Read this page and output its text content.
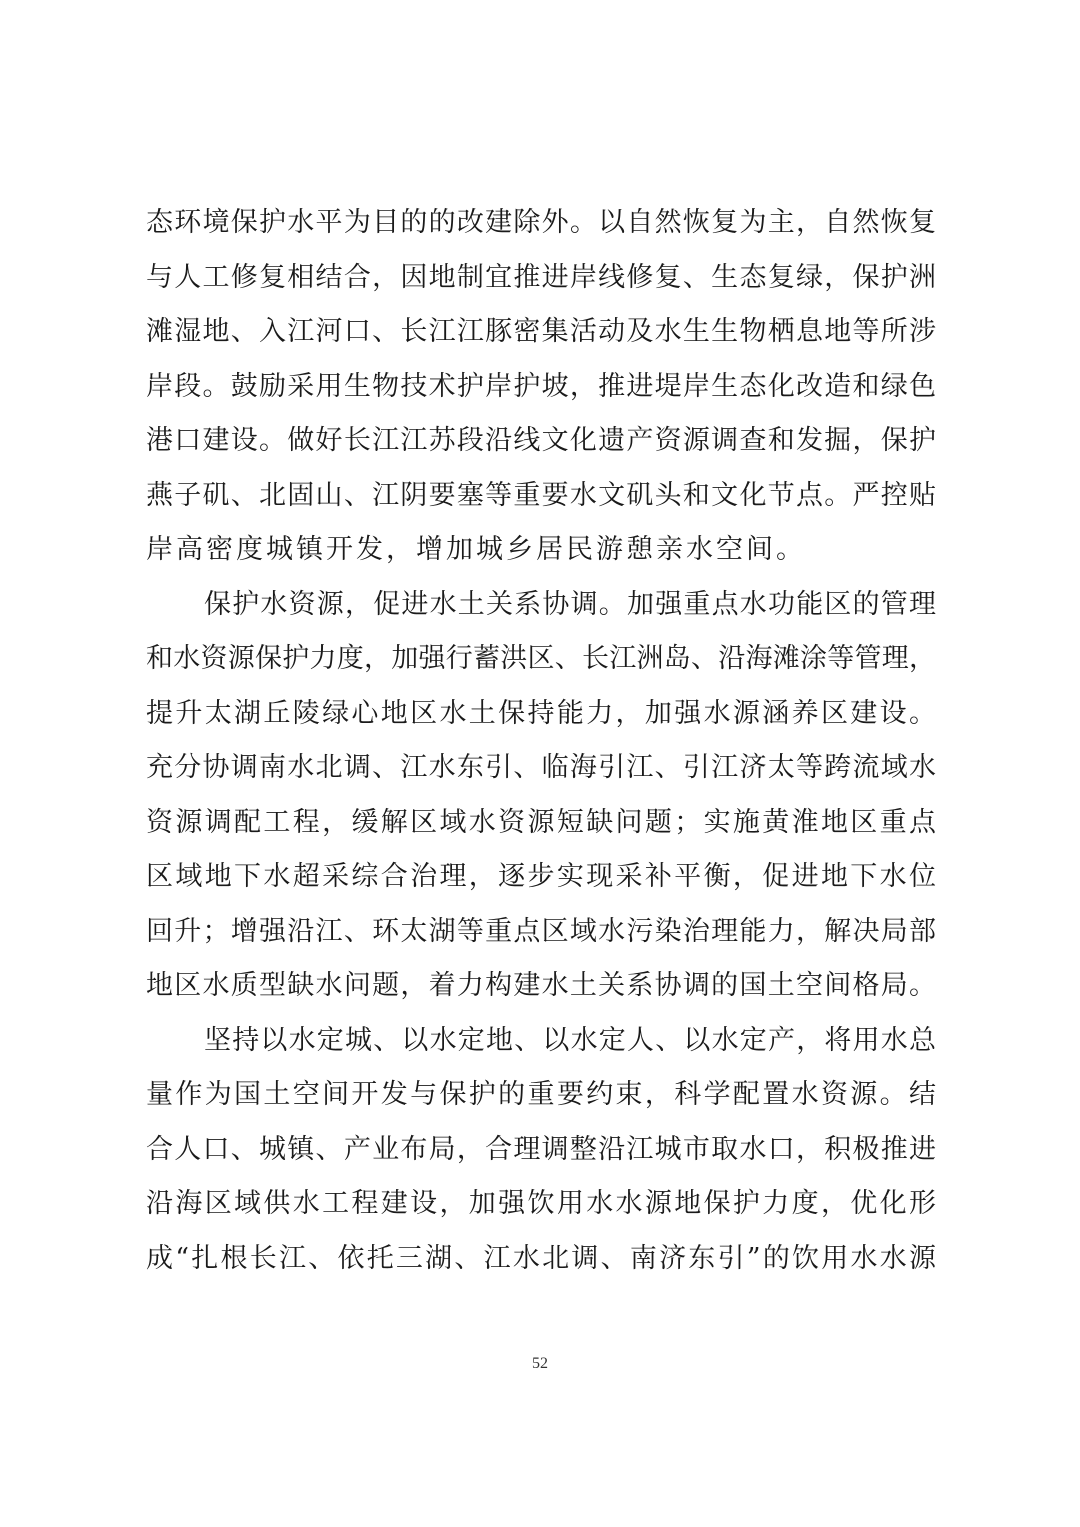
态环境保护水平为目的的改建除外。以自然恢复为主，自然恢复
与人工修复相结合，因地制宜推进岸线修复、生态复绿，保护洲
滩湿地、入江河口、长江江豚密集活动及水生生物栖息地等所涉
岸段。鼓励采用生物技术护岸护坡，推进堤岸生态化改造和绿色
港口建设。做好长江江苏段沿线文化遗产资源调查和发掘，保护
燕子矶、北固山、江阴要塞等重要水文矶头和文化节点。严控贴
岸高密度城镇开发，增加城乡居民游憩亲水空间。
保护水资源，促进水土关系协调。加强重点水功能区的管理
和水资源保护力度，加强行蓄洪区、长江洲岛、沿海滩涂等管理，
提升太湖丘陵绿心地区水土保持能力，加强水源涵养区建设。
充分协调南水北调、江水东引、临海引江、引江济太等跨流域水
资源调配工程，缓解区域水资源短缺问题；实施黄淮地区重点
区域地下水超采综合治理，逐步实现采补平衡，促进地下水位
回升；增强沿江、环太湖等重点区域水污染治理能力，解决局部
地区水质型缺水问题，着力构建水土关系协调的国土空间格局。
坚持以水定城、以水定地、以水定人、以水定产，将用水总
量作为国土空间开发与保护的重要约束，科学配置水资源。结
合人口、城镇、产业布局，合理调整沿江城市取水口，积极推进
沿海区域供水工程建设，加强饮用水水源地保护力度，优化形
成“扎根长江、依托三湖、江水北调、南济东引”的饮用水水源
52
